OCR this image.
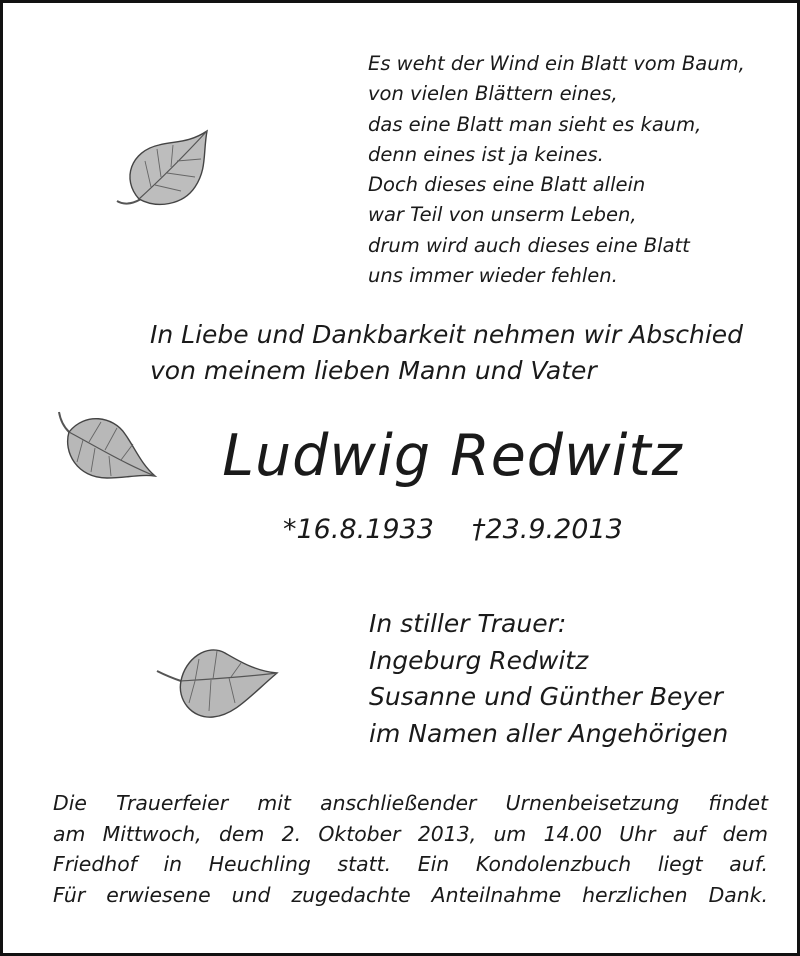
Es weht der Wind ein Blatt vom Baum,
von vielen Blättern eines,
das eine Blatt man sieht es kaum,
denn eines ist ja keines.
Doch dieses eine Blatt allein
war Teil von unserm Leben,
drum wird auch dieses eine Blatt
uns immer wieder fehlen.
In Liebe und Dankbarkeit nehmen wir Abschied
von meinem lieben Mann und Vater
Ludwig Redwitz
*16.8.1933 †23.9.2013
In stiller Trauer:
Ingeburg Redwitz
Susanne und Günther Beyer
im Namen aller Angehörigen
Die Trauerfeier mit anschließender Urnenbeisetzung findet
am Mittwoch, dem 2. Oktober 2013, um 14.00 Uhr auf dem
Friedhof in Heuchling statt. Ein Kondolenzbuch liegt auf.
Für erwiesene und zugedachte Anteilnahme herzlichen Dank.
